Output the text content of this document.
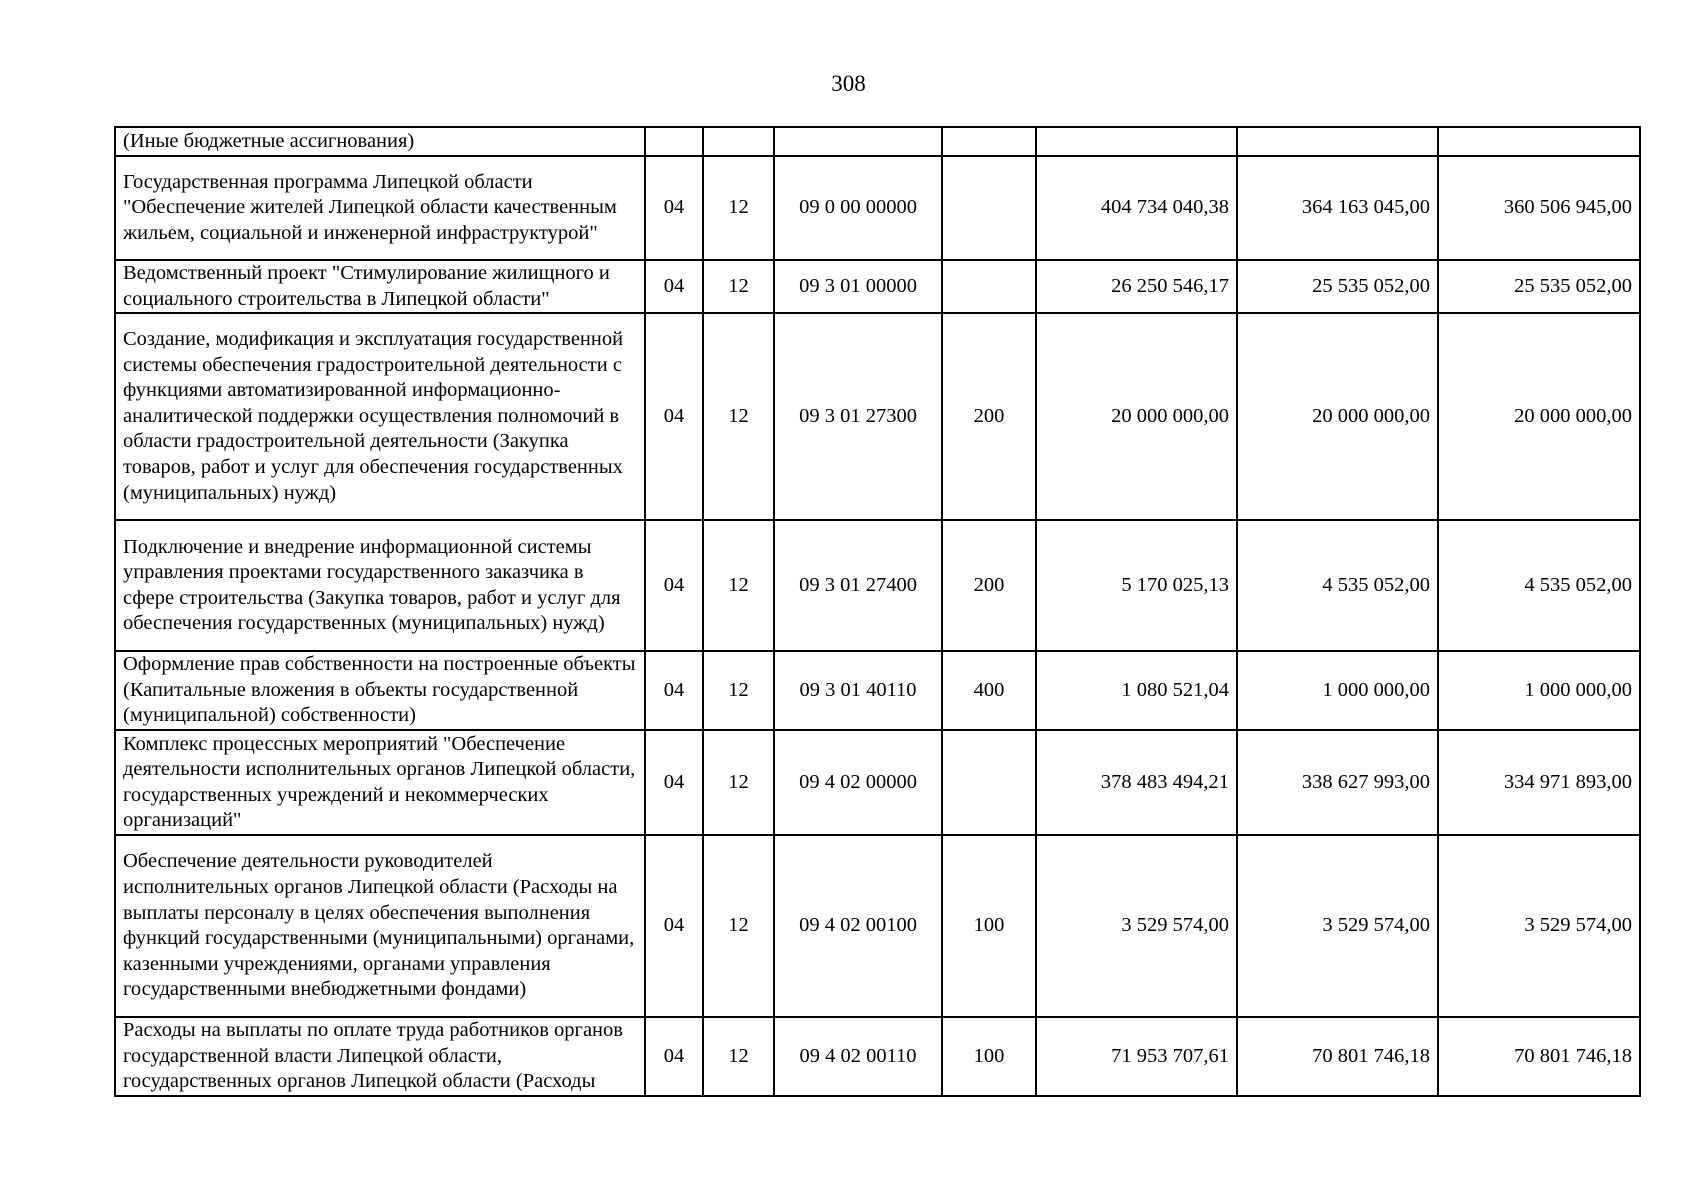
308
(Иные бюджетные ассигнования)							
Государственная программа Липецкой области "Обеспечение жителей Липецкой области качественным жильем, социальной и инженерной инфраструктурой"	04	12	09 0 00 00000		404 734 040,38	364 163 045,00	360 506 945,00
Ведомственный проект "Стимулирование жилищного и социального строительства в Липецкой области"	04	12	09 3 01 00000		26 250 546,17	25 535 052,00	25 535 052,00
Создание, модификация и эксплуатация государственной системы обеспечения градостроительной деятельности с функциями автоматизированной информационно-аналитической поддержки осуществления полномочий в области градостроительной деятельности (Закупка товаров, работ и услуг для обеспечения государственных (муниципальных) нужд)	04	12	09 3 01 27300	200	20 000 000,00	20 000 000,00	20 000 000,00
Подключение и внедрение информационной системы управления проектами государственного заказчика в сфере строительства (Закупка товаров, работ и услуг для обеспечения государственных (муниципальных) нужд)	04	12	09 3 01 27400	200	5 170 025,13	4 535 052,00	4 535 052,00
Оформление прав собственности на построенные объекты (Капитальные вложения в объекты государственной (муниципальной) собственности)	04	12	09 3 01 40110	400	1 080 521,04	1 000 000,00	1 000 000,00
Комплекс процессных мероприятий "Обеспечение деятельности исполнительных органов Липецкой области, государственных учреждений и некоммерческих организаций"	04	12	09 4 02 00000		378 483 494,21	338 627 993,00	334 971 893,00
Обеспечение деятельности руководителей исполнительных органов Липецкой области (Расходы на выплаты персоналу в целях обеспечения выполнения функций государственными (муниципальными) органами, казенными учреждениями, органами управления государственными внебюджетными фондами)	04	12	09 4 02 00100	100	3 529 574,00	3 529 574,00	3 529 574,00
Расходы на выплаты по оплате труда работников органов государственной власти Липецкой области, государственных органов Липецкой области (Расходы	04	12	09 4 02 00110	100	71 953 707,61	70 801 746,18	70 801 746,18
